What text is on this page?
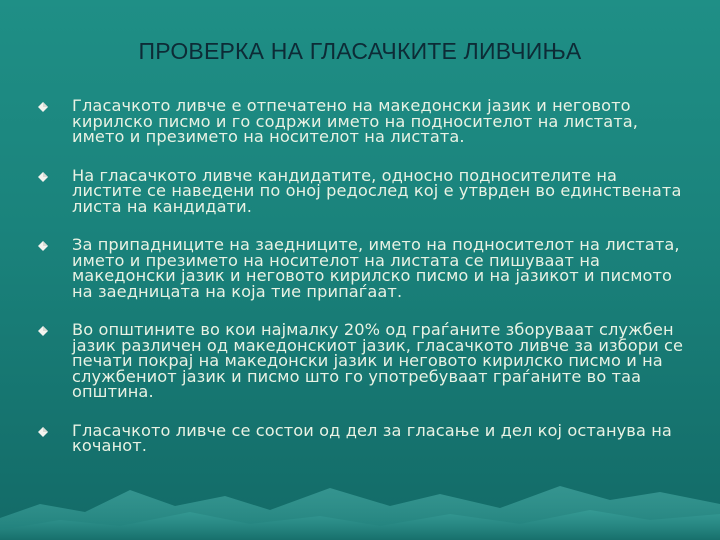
ПРОВЕРКА НА ГЛАСАЧКИТЕ ЛИВЧИЊА
Гласачкото ливче е отпечатено на македонски јазик и неговото кирилско писмо и го содржи името на подносителот на листата, името и презимето на носителот на листата.
На гласачкото ливче кандидатите, односно подносителите на листите се наведени по оној редослед кој е утврден во единствената листа на кандидати.
За припадниците на заедниците, името на подносителот на листата, името и презимето на носителот на листата се пишуваат на македонски јазик и неговото кирилско писмо и на јазикот и писмото на заедницата на која тие припаѓаат.
Во општините во кои најмалку 20% од граѓаните зборуваат службен јазик различен од македонскиот јазик, гласачкото ливче за избори се печати покрај на македонски јазик и неговото кирилско писмо и на службениот јазик и писмо што го употребуваат граѓаните во таа општина.
Гласачкото ливче се состои од дел за гласање и дел кој останува на кочанот.
